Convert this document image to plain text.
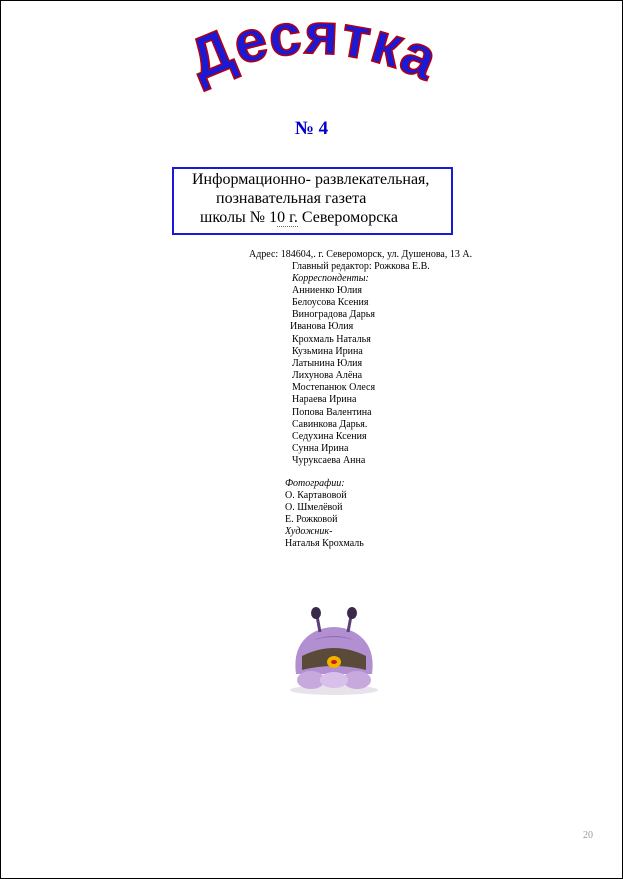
Десятка
№ 4
Информационно- развлекательная,
познавательная газета
школы № 10 г. Североморска
Адрес: 184604,. г. Североморск, ул. Душенова, 13 А.
Главный редактор: Рожкова Е.В.
Корреспонденты:
Анниенко Юлия
Белоусова Ксения
Виноградова Дарья
Иванова Юлия
Крохмаль Наталья
Кузьмина Ирина
Латынина Юлия
Лихунова Алёна
Мостепанюк Олеся
Нараева Ирина
Попова Валентина
Савинкова Дарья.
Седухина Ксения
Сунна Ирина
Чуруксаева Анна
Фотографии:
О. Картавовой
О. Шмелёвой
Е. Рожковой
Художник-
Наталья Крохмаль
20
